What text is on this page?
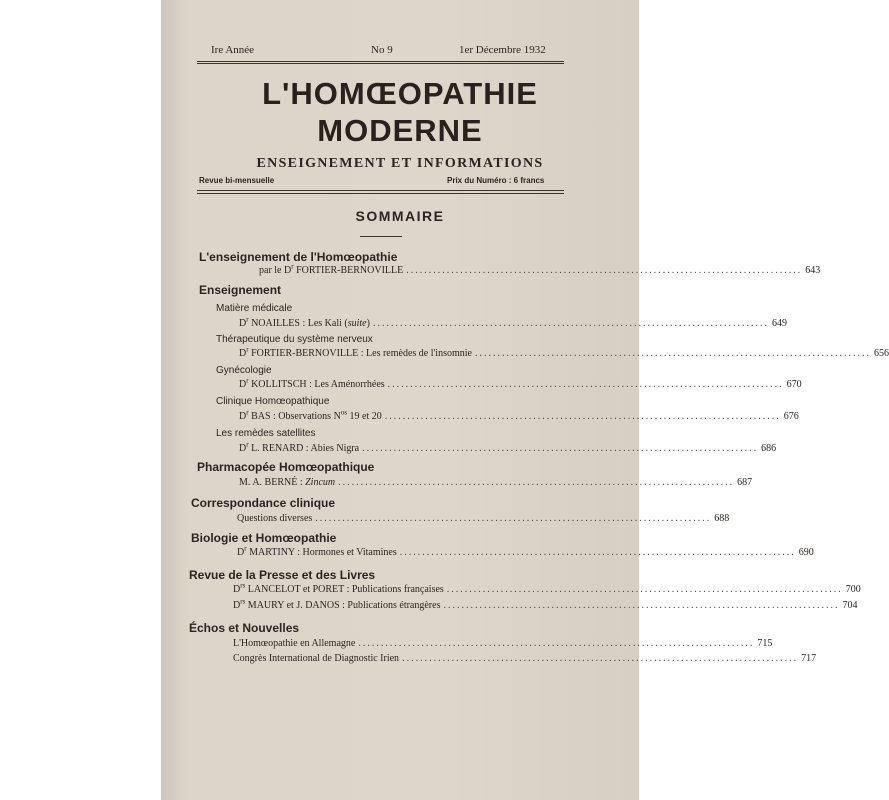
Ire Année	No 9	1er Décembre 1932
L'HOMŒOPATHIE
MODERNE
ENSEIGNEMENT ET INFORMATIONS
Revue bi-mensuelle	Prix du Numéro : 6 francs
SOMMAIRE
L'enseignement de l'Homœopathie
par le $D^r$ FORTIER-BERNOVILLE ........................................................................................ 643
Enseignement
Matière médicale
$D^r$ NOAILLES : Les Kali (suite) ........................................................................................ 649
Thérapeutique du système nerveux
$D^r$ FORTIER-BERNOVILLE : Les remèdes de l'insomnie ........................................................................................ 656
Gynécologie
$D^r$ KOLLITSCH : Les Aménorrhées ........................................................................................ 670
Clinique Homœopathique
$D^r$ BAS : Observations $N^{os}$ 19 et 20 ........................................................................................ 676
Les remèdes satellites
$D^r$ L. RENARD : Abies Nigra ........................................................................................ 686
Pharmacopée Homœopathique
M. A. BERNÉ : Zincum ........................................................................................ 687
Correspondance clinique
Questions diverses ........................................................................................ 688
Biologie et Homœopathie
$D^r$ MARTINY : Hormones et Vitamines ........................................................................................ 690
Revue de la Presse et des Livres
$D^{rs}$ LANCELOT et PORET : Publications françaises ........................................................................................ 700
$D^{rs}$ MAURY et J. DANOS : Publications étrangères ........................................................................................ 704
Échos et Nouvelles
L'Homœopathie en Allemagne ........................................................................................ 715
Congrès International de Diagnostic Irien ........................................................................................ 717
